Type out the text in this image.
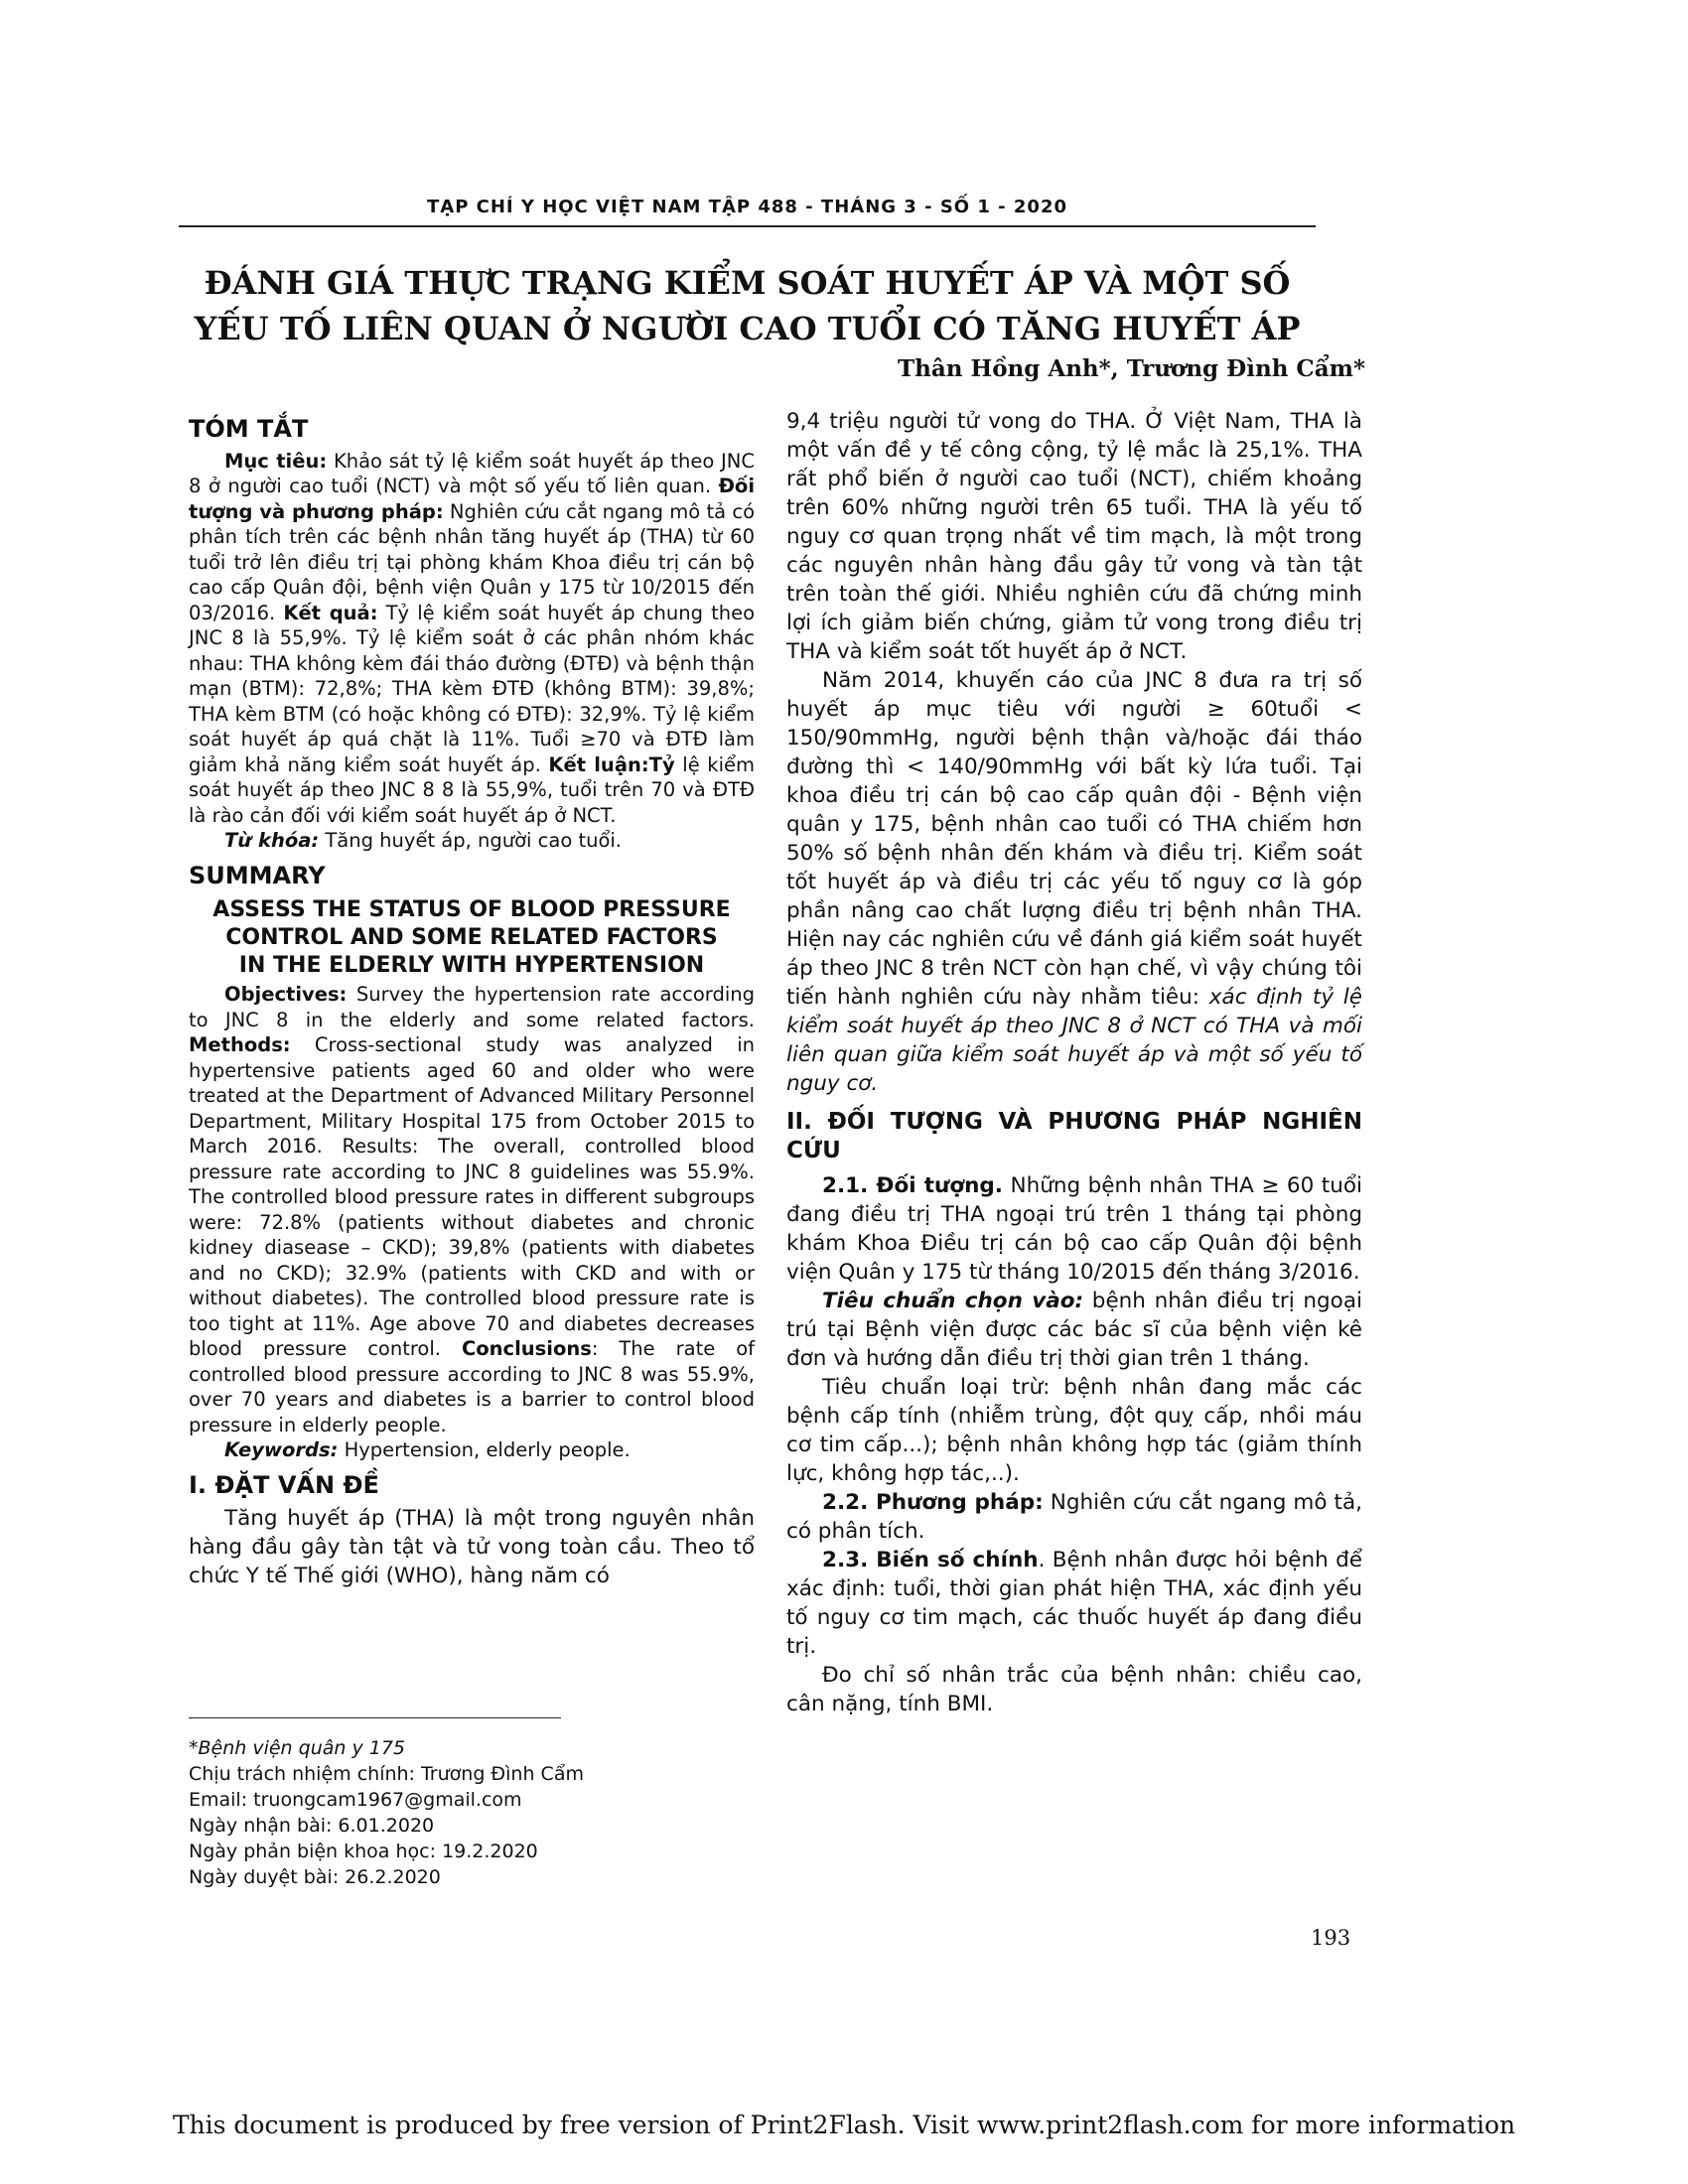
TẠP CHÍ Y HỌC VIỆT NAM TẬP 488 - THÁNG 3 - SỐ 1 - 2020
ĐÁNH GIÁ THỰC TRẠNG KIỂM SOÁT HUYẾT ÁP VÀ MỘT SỐ
YẾU TỐ LIÊN QUAN Ở NGƯỜI CAO TUỔI CÓ TĂNG HUYẾT ÁP
Thân Hồng Anh*, Trương Đình Cẩm*
TÓM TẮT

Mục tiêu: Khảo sát tỷ lệ kiểm soát huyết áp theo JNC 8 ở người cao tuổi (NCT) và một số yếu tố liên quan. Đối tượng và phương pháp: Nghiên cứu cắt ngang mô tả có phân tích trên các bệnh nhân tăng huyết áp (THA) từ 60 tuổi trở lên điều trị tại phòng khám Khoa điều trị cán bộ cao cấp Quân đội, bệnh viện Quân y 175 từ 10/2015 đến 03/2016. Kết quả: Tỷ lệ kiểm soát huyết áp chung theo JNC 8 là 55,9%. Tỷ lệ kiểm soát ở các phân nhóm khác nhau: THA không kèm đái tháo đường (ĐTĐ) và bệnh thận mạn (BTM): 72,8%; THA kèm ĐTĐ (không BTM): 39,8%; THA kèm BTM (có hoặc không có ĐTĐ): 32,9%. Tỷ lệ kiểm soát huyết áp quá chặt là 11%. Tuổi ≥70 và ĐTĐ làm giảm khả năng kiểm soát huyết áp. Kết luận:Tỷ lệ kiểm soát huyết áp theo JNC 8 8 là 55,9%, tuổi trên 70 và ĐTĐ là rào cản đối với kiểm soát huyết áp ở NCT.

Từ khóa: Tăng huyết áp, người cao tuổi.

SUMMARY
ASSESS THE STATUS OF BLOOD PRESSURE
CONTROL AND SOME RELATED FACTORS
IN THE ELDERLY WITH HYPERTENSION

Objectives: Survey the hypertension rate according to JNC 8 in the elderly and some related factors. Methods: Cross-sectional study was analyzed in hypertensive patients aged 60 and older who were treated at the Department of Advanced Military Personnel Department, Military Hospital 175 from October 2015 to March 2016. Results: The overall, controlled blood pressure rate according to JNC 8 guidelines was 55.9%. The controlled blood pressure rates in different subgroups were: 72.8% (patients without diabetes and chronic kidney diasease – CKD); 39,8% (patients with diabetes and no CKD); 32.9% (patients with CKD and with or without diabetes). The controlled blood pressure rate is too tight at 11%. Age above 70 and diabetes decreases blood pressure control. Conclusions: The rate of controlled blood pressure according to JNC 8 was 55.9%, over 70 years and diabetes is a barrier to control blood pressure in elderly people.

Keywords: Hypertension, elderly people.

I. ĐẶT VẤN ĐỀ

Tăng huyết áp (THA) là một trong nguyên nhân hàng đầu gây tàn tật và tử vong toàn cầu. Theo tổ chức Y tế Thế giới (WHO), hàng năm có

*Bệnh viện quân y 175
Chịu trách nhiệm chính: Trương Đình Cẩm
Email: truongcam1967@gmail.com
Ngày nhận bài: 6.01.2020
Ngày phản biện khoa học: 19.2.2020
Ngày duyệt bài: 26.2.2020

9,4 triệu người tử vong do THA. Ở Việt Nam, THA là một vấn đề y tế công cộng, tỷ lệ mắc là 25,1%. THA rất phổ biến ở người cao tuổi (NCT), chiếm khoảng trên 60% những người trên 65 tuổi. THA là yếu tố nguy cơ quan trọng nhất về tim mạch, là một trong các nguyên nhân hàng đầu gây tử vong và tàn tật trên toàn thế giới. Nhiều nghiên cứu đã chứng minh lợi ích giảm biến chứng, giảm tử vong trong điều trị THA và kiểm soát tốt huyết áp ở NCT.

Năm 2014, khuyến cáo của JNC 8 đưa ra trị số huyết áp mục tiêu với người ≥ 60tuổi < 150/90mmHg, người bệnh thận và/hoặc đái tháo đường thì < 140/90mmHg với bất kỳ lứa tuổi. Tại khoa điều trị cán bộ cao cấp quân đội - Bệnh viện quân y 175, bệnh nhân cao tuổi có THA chiếm hơn 50% số bệnh nhân đến khám và điều trị. Kiểm soát tốt huyết áp và điều trị các yếu tố nguy cơ là góp phần nâng cao chất lượng điều trị bệnh nhân THA. Hiện nay các nghiên cứu về đánh giá kiểm soát huyết áp theo JNC 8 trên NCT còn hạn chế, vì vậy chúng tôi tiến hành nghiên cứu này nhằm tiêu: xác định tỷ lệ kiểm soát huyết áp theo JNC 8 ở NCT có THA và mối liên quan giữa kiểm soát huyết áp và một số yếu tố nguy cơ.

II. ĐỐI TƯỢNG VÀ PHƯƠNG PHÁP NGHIÊN CỨU

2.1. Đối tượng. Những bệnh nhân THA ≥ 60 tuổi đang điều trị THA ngoại trú trên 1 tháng tại phòng khám Khoa Điều trị cán bộ cao cấp Quân đội bệnh viện Quân y 175 từ tháng 10/2015 đến tháng 3/2016.

Tiêu chuẩn chọn vào: bệnh nhân điều trị ngoại trú tại Bệnh viện được các bác sĩ của bệnh viện kê đơn và hướng dẫn điều trị thời gian trên 1 tháng.

Tiêu chuẩn loại trừ: bệnh nhân đang mắc các bệnh cấp tính (nhiễm trùng, đột quỵ cấp, nhồi máu cơ tim cấp...); bệnh nhân không hợp tác (giảm thính lực, không hợp tác,..).

2.2. Phương pháp: Nghiên cứu cắt ngang mô tả, có phân tích.

2.3. Biến số chính. Bệnh nhân được hỏi bệnh để xác định: tuổi, thời gian phát hiện THA, xác định yếu tố nguy cơ tim mạch, các thuốc huyết áp đang điều trị.

Đo chỉ số nhân trắc của bệnh nhân: chiều cao, cân nặng, tính BMI.

193
This document is produced by free version of Print2Flash. Visit www.print2flash.com for more information
